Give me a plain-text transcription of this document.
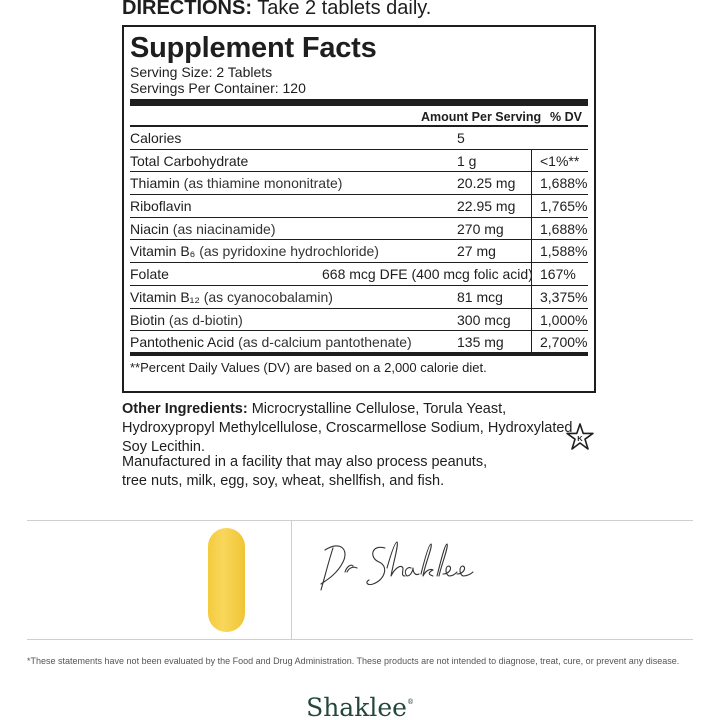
DIRECTIONS: Take 2 tablets daily.
Supplement Facts
Serving Size: 2 Tablets
Servings Per Container: 120
Amount Per Serving % DV
Calories	5
Total Carbohydrate	1 g	<1%**
Thiamin (as thiamine mononitrate)	20.25 mg 1,688%
Riboflavin	22.95 mg 1,765%
Niacin (as niacinamide)	270 mg	1,688%
Vitamin B₆ (as pyridoxine hydrochloride)	27 mg	1,588%
Folate	668 mcg DFE (400 mcg folic acid) 167%
Vitamin B₁₂ (as cyanocobalamin)	81 mcg	3,375%
Biotin (as d-biotin)	300 mcg 1,000%
Pantothenic Acid (as d-calcium pantothenate)	135 mg	2,700%
**Percent Daily Values (DV) are based on a 2,000 calorie diet.
Other Ingredients: Microcrystalline Cellulose, Torula Yeast, Hydroxypropyl Methylcellulose, Croscarmellose Sodium, Hydroxylated Soy Lecithin.
K
Manufactured in a facility that may also process peanuts, tree nuts, milk, egg, soy, wheat, shellfish, and fish.
*These statements have not been evaluated by the Food and Drug Administration. These products are not intended to diagnose, treat, cure, or prevent any disease.
Shaklee®
